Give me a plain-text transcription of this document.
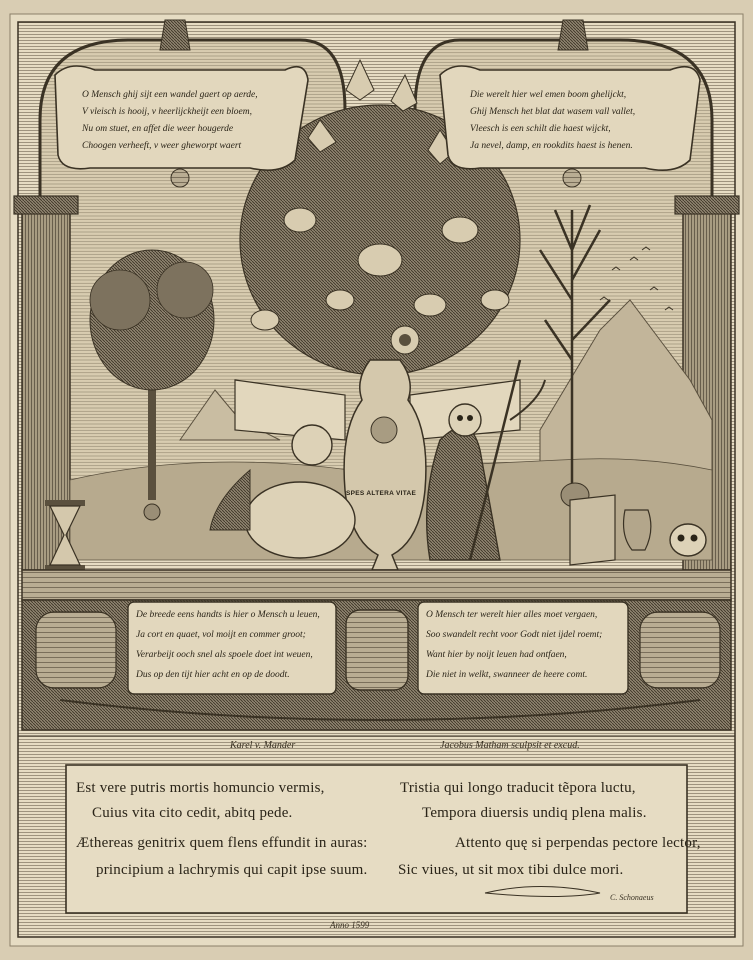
O Mensch ghij sijt een wandel gaert op aerde,
V vleisch is hooij, v heerlijckheijt een bloem,
Nu om stuet, en affet die weer hougerde
Choogen verheeft, v weer gheworpt waert
Die werelt hier wel emen boom ghelijckt,
Ghij Mensch het blat dat wasem vall vallet,
Vleesch is een schilt die haest wijckt,
Ja nevel, damp, en rookdits haest is henen.
SPES ALTERA VITAE
De breede eens handts is hier o Mensch u leuen,
Ja cort en quaet, vol moijt en commer groot;
Verarbeijt ooch snel als spoele doet int weuen,
Dus op den tijt hier acht en op de doodt.
O Mensch ter werelt hier alles moet vergaen,
Soo swandelt recht voor Godt niet ijdel roemt;
Want hier by noijt leuen had ontfaen,
Die niet in welkt, swanneer de heere comt.
Karel v. Mander	Jacobus Matham sculpsit et excud.
C. Schonaeus
Anno 1599
Est vere putris mortis homuncio vermis,
Cuius vita cito cedit, abitq pede.
Æthereas genitrix quem flens effundit in auras:
principium a lachrymis qui capit ipse suum.
Tristia qui longo traducit tẽpora luctu,
Tempora diuersis undiq plena malis.
Attento quę si perpendas pectore lector,
Sic viues, ut sit mox tibi dulce mori.
